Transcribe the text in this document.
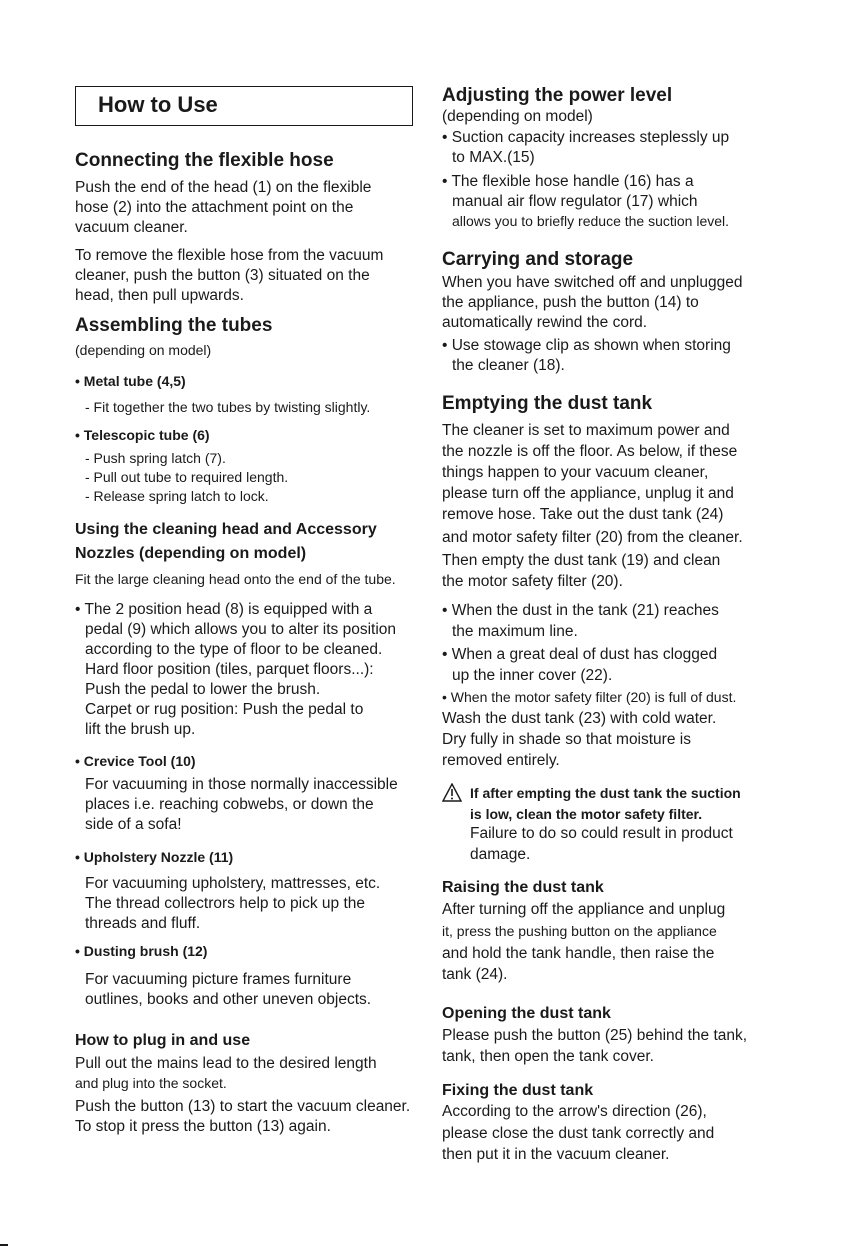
How to Use
Connecting the flexible hose
Push the end of the head (1) on the flexible
hose (2) into the attachment point on the
vacuum cleaner.
To remove the flexible hose from the vacuum
cleaner, push the button (3) situated on the
head, then pull upwards.
Assembling the tubes
(depending on model)
• Metal tube (4,5)
- Fit together the two tubes by twisting slightly.
• Telescopic tube (6)
- Push spring latch (7).
- Pull out tube to required length.
- Release spring latch to lock.
Using the cleaning head and Accessory
Nozzles (depending on model)
Fit the large cleaning head onto the end of the tube.
• The 2 position head (8) is equipped with a
pedal (9) which allows you to alter its position
according to the type of floor to be cleaned.
Hard floor position (tiles, parquet floors...):
Push the pedal to lower the brush.
Carpet or rug position: Push the pedal to
lift the brush up.
• Crevice Tool (10)
For vacuuming in those normally inaccessible
places i.e. reaching cobwebs, or down the
side of a sofa!
• Upholstery Nozzle (11)
For vacuuming upholstery, mattresses, etc.
The thread collectrors help to pick up the
threads and fluff.
• Dusting brush (12)
For vacuuming picture frames furniture
outlines, books and other uneven objects.
How to plug in and use
Pull out the mains lead to the desired length
and plug into the socket.
Push the button (13) to start the vacuum cleaner.
To stop it press the button (13) again.
Adjusting the power level
(depending on model)
• Suction capacity increases steplessly up
to MAX.(15)
• The flexible hose handle (16) has a
manual air flow regulator (17) which
allows you to briefly reduce the suction level.
Carrying and storage
When you have switched off and unplugged
the appliance, push the button (14) to
automatically rewind the cord.
• Use stowage clip as shown when storing
the cleaner (18).
Emptying the dust tank
The cleaner is set to maximum power and
the nozzle is off the floor. As below, if these
things happen to your vacuum cleaner,
please turn off the appliance, unplug it and
remove hose. Take out the dust tank (24)
and motor safety filter (20) from the cleaner.
Then empty the dust tank (19) and clean
the motor safety filter (20).
• When the dust in the tank (21) reaches
the maximum line.
• When a great deal of dust has clogged
up the inner cover (22).
• When the motor safety filter (20) is full of dust.
Wash the dust tank (23) with cold water.
Dry fully in shade so that moisture is
removed entirely.
If after empting the dust tank the suction
is low, clean the motor safety filter.
Failure to do so could result in product
damage.
Raising the dust tank
After turning off the appliance and unplug
it, press the pushing button on the appliance
and hold the tank handle, then raise the
tank (24).
Opening the dust tank
Please push the button (25) behind the tank,
tank, then open the tank cover.
Fixing the dust tank
According to the arrow's direction (26),
please close the dust tank correctly and
then put it in the vacuum cleaner.
